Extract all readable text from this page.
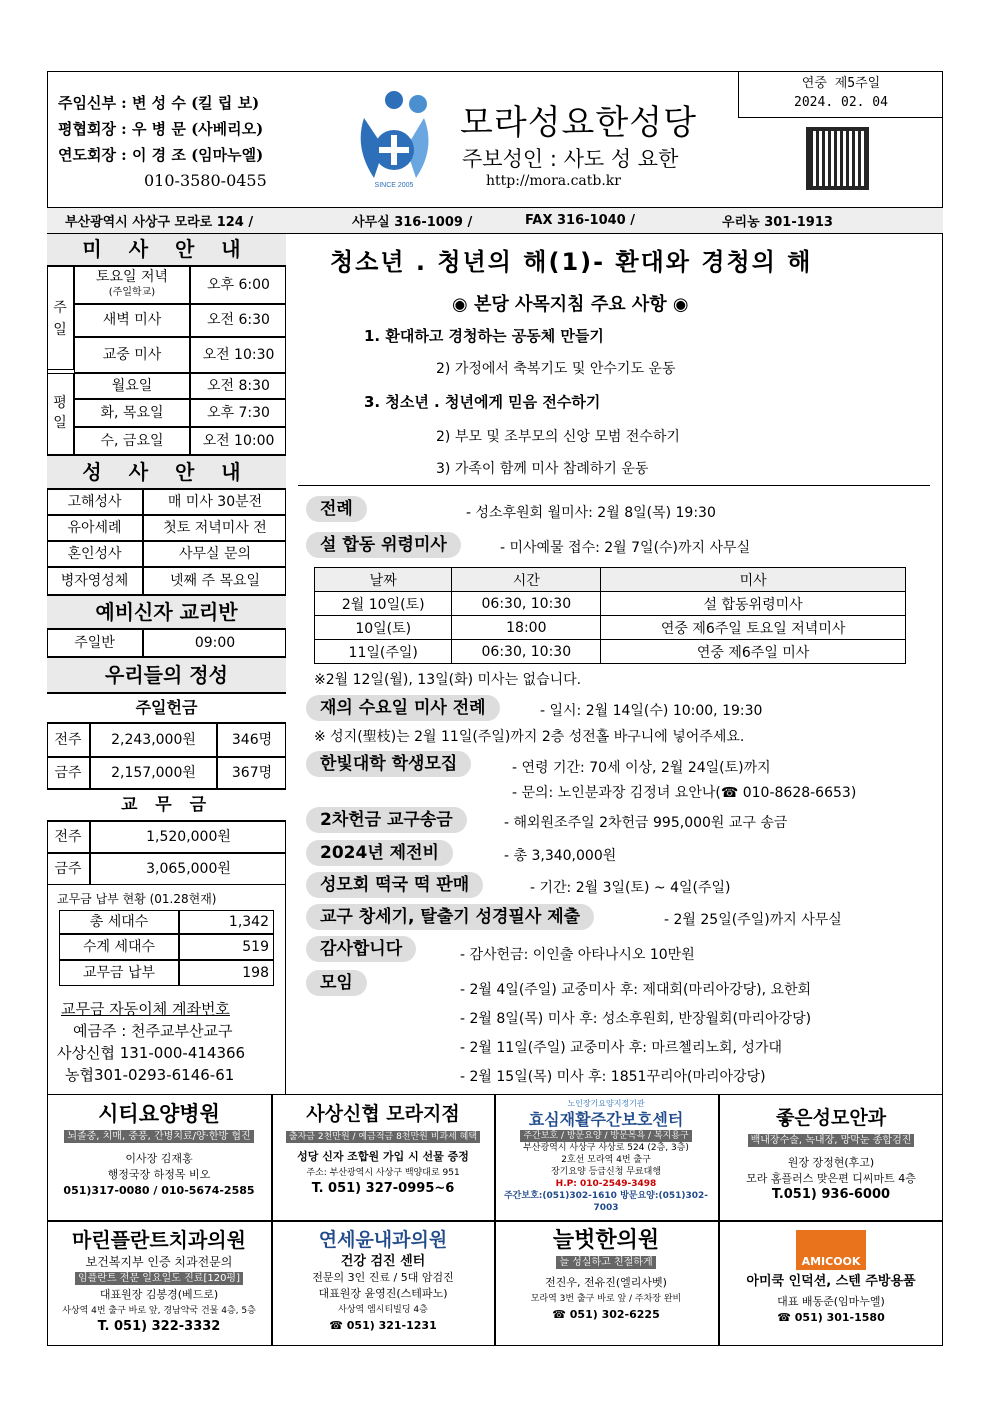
주임신부 : 변 성 수 (킬 립 보)
평협회장 : 우 병 문 (사베리오)
연도회장 : 이 경 조 (임마누엘)
010-3580-0455	SINCE 2005
모라성요한성당
주보성인 : 사도 성 요한
http://mora.catb.kr
연중 제5주일
2024. 02. 04
부산광역시 사상구 모라로 124 /	사무실 316-1009 /	FAX 316-1040 /	우리농 301-1913
미 사 안 내
주일
토요일 저녁
(주일학교)	오후 6:00
새벽 미사	오전 6:30
교중 미사	오전 10:30
평일
월요일	오전 8:30
화, 목요일	오후 7:30
수, 금요일	오전 10:00
성 사 안 내
고해성사	매 미사 30분전
유아세례	첫토 저녁미사 전
혼인성사	사무실 문의
병자영성체	넷째 주 목요일
예비신자 교리반
주일반	09:00
우리들의 정성
주일헌금
전주	2,243,000원	346명
금주	2,157,000원	367명
교 무 금
전주	1,520,000원
금주	3,065,000원
교무금 납부 현황 (01.28현재)
총 세대수	1,342
수계 세대수	519
교무금 납부	198
교무금 자동이체 계좌번호
예금주 : 천주교부산교구
사상신협 131-000-414366
농협301-0293-6146-61
청소년 . 청년의 해(1)- 환대와 경청의 해
◉ 본당 사목지침 주요 사항 ◉
1. 환대하고 경청하는 공동체 만들기
2) 가정에서 축복기도 및 안수기도 운동
3. 청소년 . 청년에게 믿음 전수하기
2) 부모 및 조부모의 신앙 모범 전수하기
3) 가족이 함께 미사 참례하기 운동
전례	- 성소후원회 월미사: 2월 8일(목) 19:30
설 합동 위령미사	- 미사예물 접수: 2월 7일(수)까지 사무실
날짜	시간	미사
2월 10일(토)	06:30, 10:30	설 합동위령미사
10일(토)	18:00	연중 제6주일 토요일 저녁미사
11일(주일)	06:30, 10:30	연중 제6주일 미사
※2월 12일(월), 13일(화) 미사는 없습니다.
재의 수요일 미사 전례	- 일시: 2월 14일(수) 10:00, 19:30
※ 성지(聖枝)는 2월 11일(주일)까지 2층 성전홀 바구니에 넣어주세요.
한빛대학 학생모집	- 연령 기간: 70세 이상, 2월 24일(토)까지
- 문의: 노인분과장 김정녀 요안나(☎ 010-8628-6653)
2차헌금 교구송금	- 해외원조주일 2차헌금 995,000원 교구 송금
2024년 제전비	- 총 3,340,000원
성모회 떡국 떡 판매	- 기간: 2월 3일(토) ~ 4일(주일)
교구 창세기, 탈출기 성경필사 제출	- 2월 25일(주일)까지 사무실
감사합니다	- 감사헌금: 이인출 아타나시오 10만원
모임	- 2월 4일(주일) 교중미사 후: 제대회(마리아강당), 요한회
- 2월 8일(목) 미사 후: 성소후원회, 반장월회(마리아강당)
- 2월 11일(주일) 교중미사 후: 마르첼리노회, 성가대
- 2월 15일(목) 미사 후: 1851꾸리아(마리아강당)
시티요양병원
뇌졸중, 치매, 중풍, 간병치료/양·한방 협진
이사장 김재홍
행정국장 하정목 비오
051)317-0080 / 010-5674-2585
사상신협 모라지점
출자금 2천만원 / 예금적금 8천만원 비과세 혜택
성당 신자 조합원 가입 시 선물 증정
주소: 부산광역시 사상구 백양대로 951
T. 051) 327-0995~6
노인장기요양지정기관
효심재활주간보호센터
주간보호 / 방문요양 / 방문목욕 / 복지용구
부산광역시 사상구 사상로 524 (2층, 3층)
2호선 모라역 4번 출구
장기요양 등급신청 무료대행
H.P: 010-2549-3498
주간보호:(051)302-1610 방문요양:(051)302-7003
좋은성모안과
백내장수술, 녹내장, 망막눈 종합검진
원장 장정현(후고)
모라 홈플러스 맞은편 디씨마트 4층
T.051) 936-6000
마린플란트치과의원
보건복지부 인증 치과전문의
임플란트 전문 일요일도 진료[120평]
대표원장 김봉경(베드로)
사상역 4번 출구 바로 앞, 경남약국 건물 4층, 5층
T. 051) 322-3332
연세윤내과의원
건강 검진 센터
전문의 3인 진료 / 5대 암검진
대표원장 윤영진(스테파노)
사상역 엠시티빌딩 4층
☎ 051) 321-1231
늘벗한의원
늘 성실하고 친절하게
전진우, 전유진(엘리사벳)
모라역 3번 출구 바로 앞 / 주차장 완비
☎ 051) 302-6225
AMICOOK
아미쿡 인덕션, 스텐 주방용품
대표 배동준(임마누엘)
☎ 051) 301-1580
